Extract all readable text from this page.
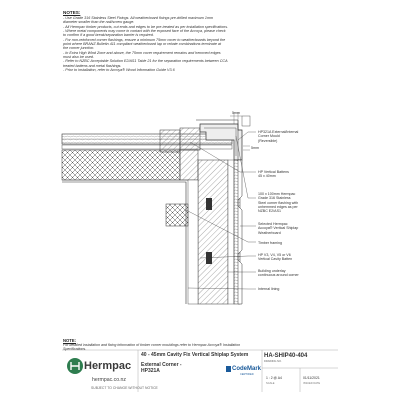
NOTES:
- Use Grade 316 Stainless Steel Fixings. All weatherboard fixings pre-drilled maximum 1mm
diameter smaller than the nail/screw gauge.
- All Hermpac timber products, cut ends and edges to be pre-treated as per installation specifications.
- Where metal components may come in contact with the exposed face of the Accoya, please check
to confirm if a good break/separation barrier is required.
- For non-reinforced corner flashings, ensure a minimum 75mm cover to weatherboards beyond the
point where BRANZ Bulletin 411 compliant weatherboard lap or rebate combinations terminate at
the corner junction.
- In Extra High Wind Zone and above, the 75mm cover requirement remains and hemmed edges
must also be used.
- Refer to NZBC Acceptable Solution E2/AS1 Table 21 for the separation requirements between CCA
treated battens and metal flashings.
- Prior to installation, refer to Accoya® Wood Information Guide V3.6
5mm
5mm
HP321A External/Internal
Corner Mould
(Reversible)
HP Vertical Battens
45 x 40mm
100 x 100mm Hermpac
Grade 316 Stainless
Steel corner flashing with
unhemmed edges as per
NZBC E2/AS1
Selected Hermpac
Accoya® Vertical Shiplap
Weatherboard
Timber framing
HP V3, V4, V5 or V6
Vertical Cavity Batten
Building underlay
continuous around corner
Internal lining
NOTE:
For detailed installation and fixing information of timber corner mouldings refer to Hermpac Accoya® Installation Specifications.
Hermpac
hermpac.co.nz
SUBJECT TO CHANGE WITHOUT NOTICE
40 - 45mm Cavity Fix Vertical Shiplap System
External Corner -
HP321A	CodeMark
CERTIFIED
HA-SHIP40-404
DRAWING NO.
1 : 2 @ A4
SCALE
01/11/2021
ISSUED DATE
